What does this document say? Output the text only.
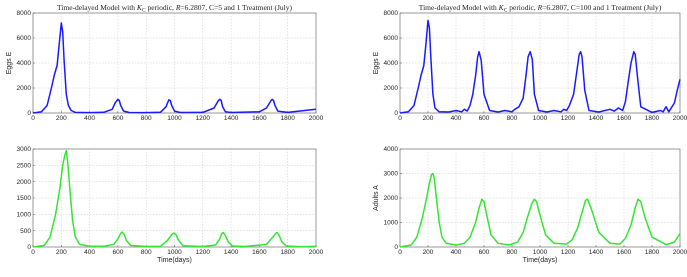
0	200	400	600	800 1000 1200 1400 1600 1800 2000
0
2000
4000
6000
8000
Time-delayed Model with $K_C$ periodic, R=6.2807, C=5 and 1 Treatment (July)
Eggs E
0	200	400	600	800 1000 1200 1400 1600 1800 2000
0
2000
4000
6000
8000
Time-delayed Model with $K_C$ periodic, R=6.2807, C=100 and 1 Treatment (July)
Eggs E
0	200	400	600	800 1000 1200 1400 1600 1800 2000
0
500
1000
1500
2000
2500
3000
Time(days)
0	200	400	600	800 1000 1200 1400 1600 1800 2000
0
1000
2000
3000
4000
Time(days)
Adults A
